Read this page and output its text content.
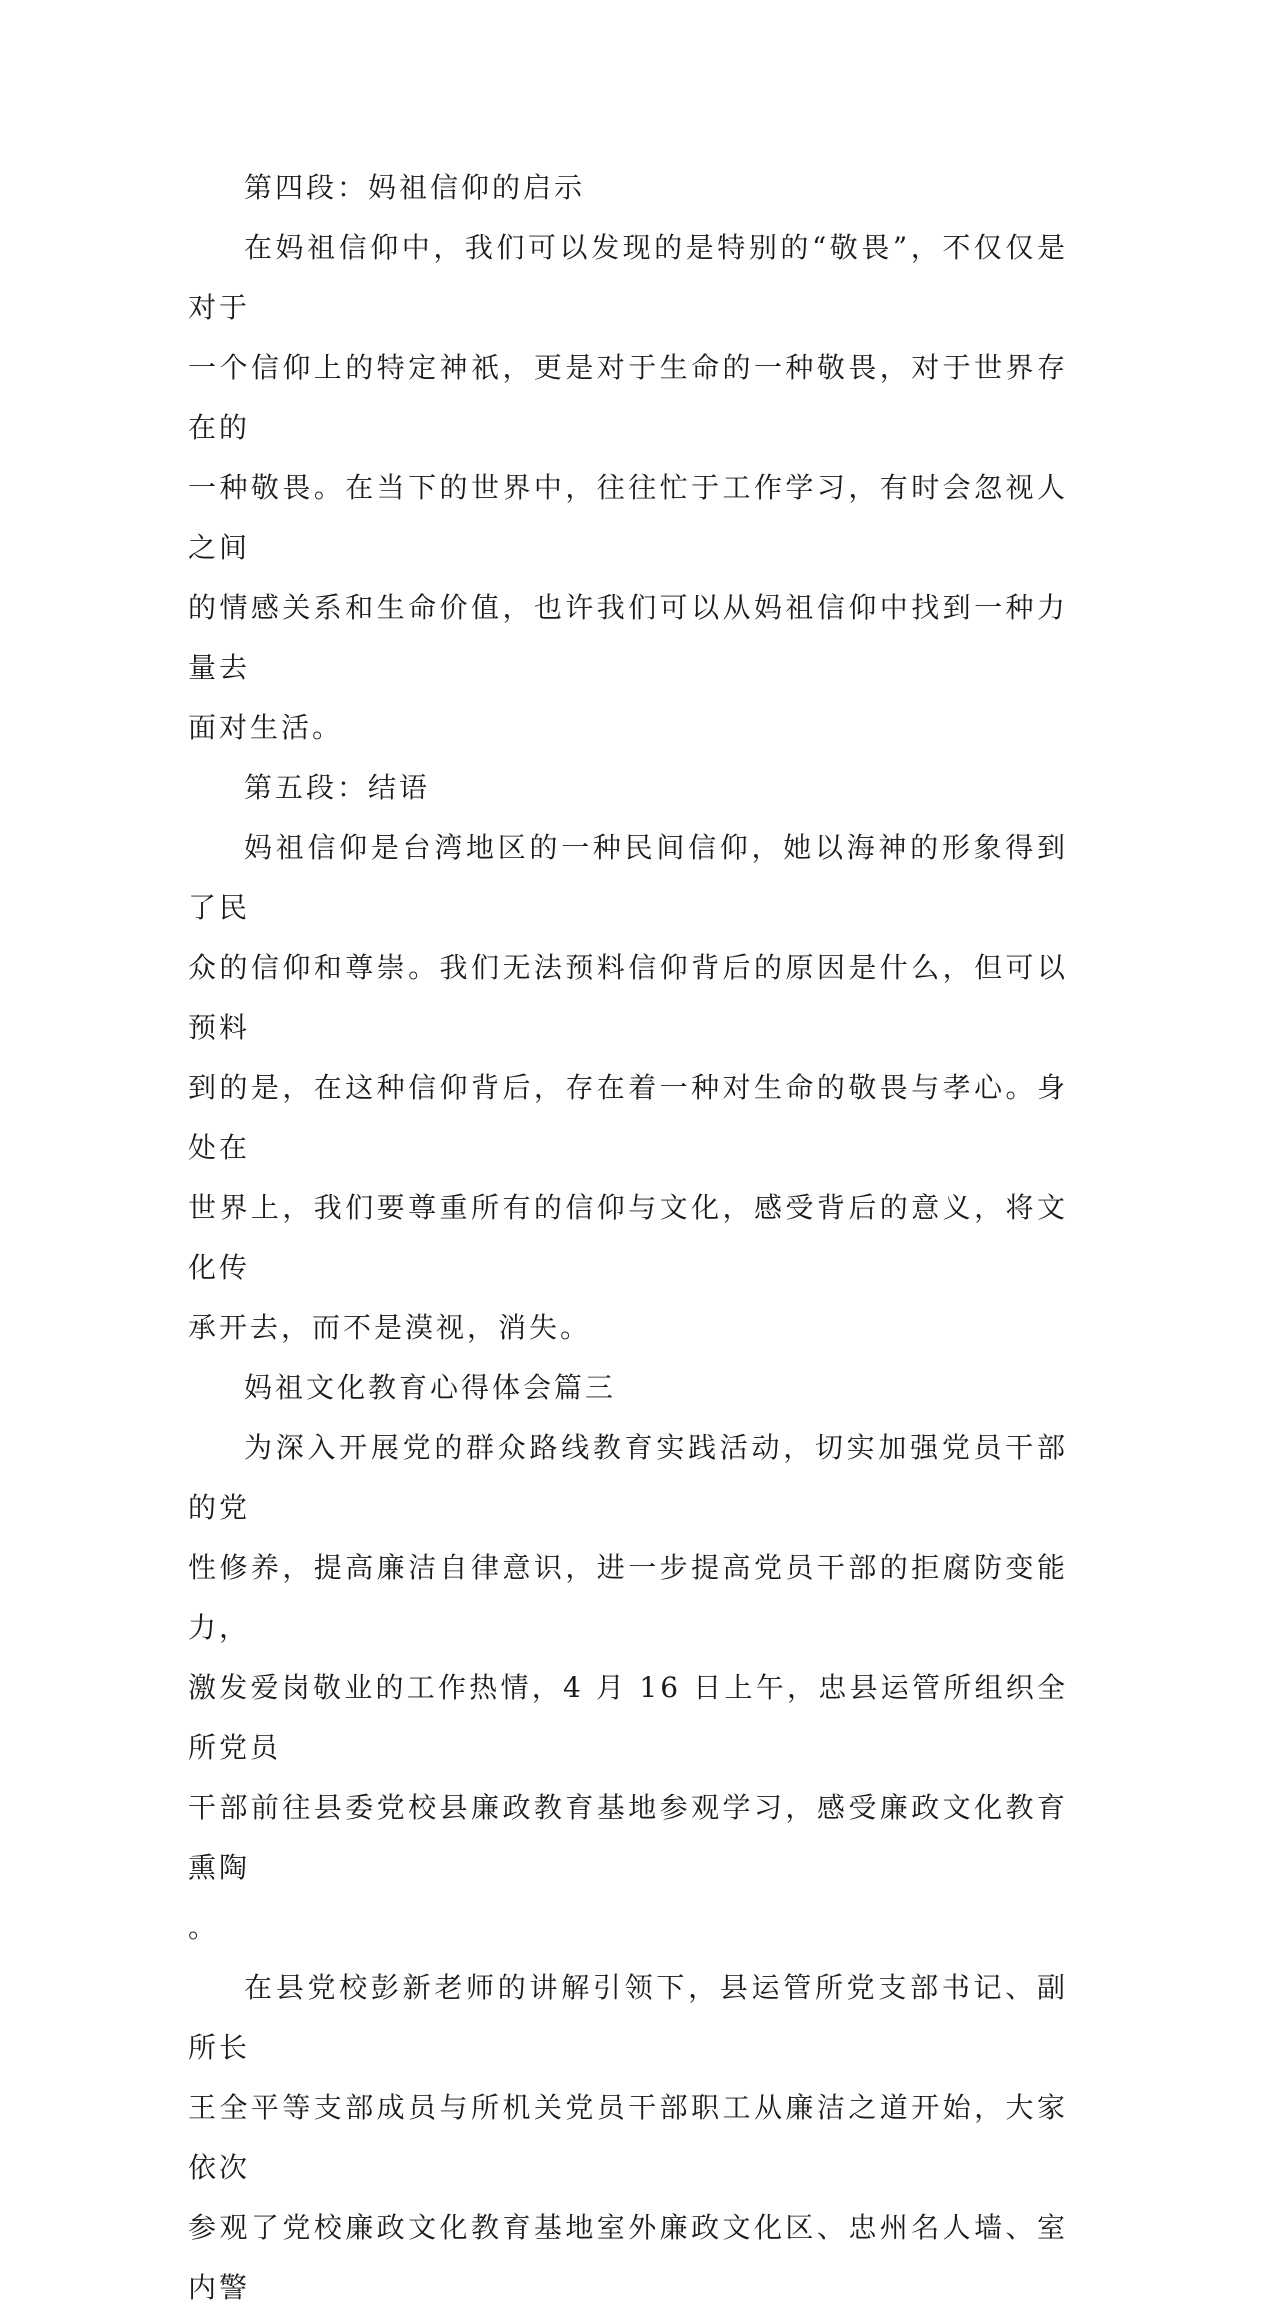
第四段：妈祖信仰的启示

在妈祖信仰中，我们可以发现的是特别的“敬畏”，不仅仅是对于

一个信仰上的特定神祇，更是对于生命的一种敬畏，对于世界存在的

一种敬畏。在当下的世界中，往往忙于工作学习，有时会忽视人之间

的情感关系和生命价值，也许我们可以从妈祖信仰中找到一种力量去

面对生活。

第五段：结语

妈祖信仰是台湾地区的一种民间信仰，她以海神的形象得到了民

众的信仰和尊崇。我们无法预料信仰背后的原因是什么，但可以预料

到的是，在这种信仰背后，存在着一种对生命的敬畏与孝心。身处在

世界上，我们要尊重所有的信仰与文化，感受背后的意义，将文化传

承开去，而不是漠视，消失。

妈祖文化教育心得体会篇三

为深入开展党的群众路线教育实践活动，切实加强党员干部的党

性修养，提高廉洁自律意识，进一步提高党员干部的拒腐防变能力，

激发爱岗敬业的工作热情，4 月 16 日上午，忠县运管所组织全所党员

干部前往县委党校县廉政教育基地参观学习，感受廉政文化教育熏陶

。

在县党校彭新老师的讲解引领下，县运管所党支部书记、副所长

王全平等支部成员与所机关党员干部职工从廉洁之道开始，大家依次

参观了党校廉政文化教育基地室外廉政文化区、忠州名人墙、室内警
